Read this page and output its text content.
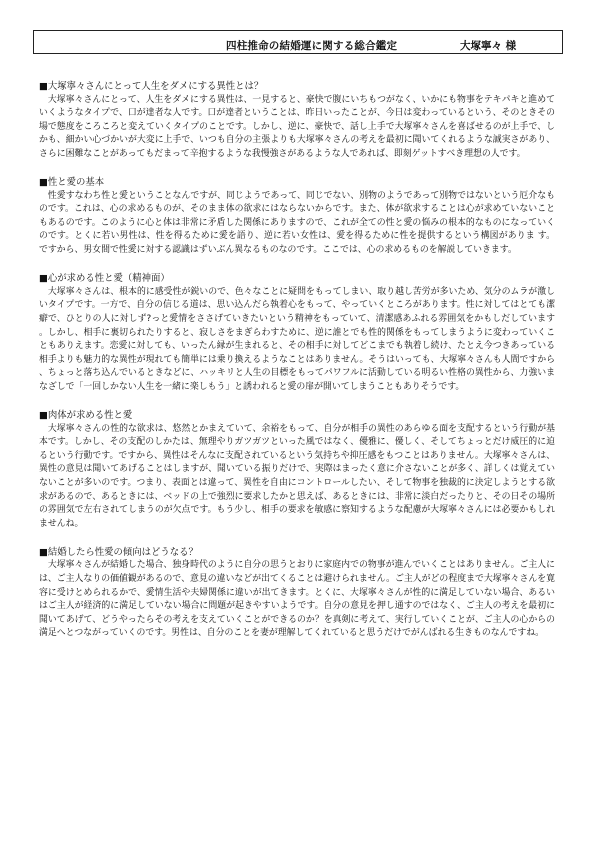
四柱推命の結婚運に関する総合鑑定	大塚寧々 様
■大塚寧々さんにとって人生をダメにする異性とは？
大塚寧々さんにとって、人生をダメにする異性は、一見すると、豪快で腹にいちもつがなく、いかにも物事をテキパキと進めていくようなタイプで、口が達者な人です。口が達者ということは、昨日いったことが、今日は変わっているという、そのときその場で態度をころころと変えていくタイプのことです。しかし、逆に、豪快で、話し上手で大塚寧々さんを喜ばせるのが上手で、しかも、細かい心づかいが大変に上手で、いつも自分の主張よりも大塚寧々さんの考えを最初に聞いてくれるような誠実さがあり、さらに困難なことがあってもだまって辛抱するような我慢強さがあるような人であれば、即刻ゲットすべき理想の人です。
■性と愛の基本
性愛すなわち性と愛ということなんですが、同じようであって、同じでない、別物のようであって別物ではないという厄介なものです。これは、心の求めるものが、そのまま体の欲求にはならないからです。また、体が欲求することは心が求めていないこともあるのです。このように心と体は非常に矛盾した関係にありますので、これが全ての性と愛の悩みの根本的なものになっていくのです。とくに若い男性は、性を得るために愛を語り、逆に若い女性は、愛を得るために性を提供するという構図がありま す。ですから、男女間で性愛に対する認識はずいぶん異なるものなのです。ここでは、心の求めるものを解説していきます。
■心が求める性と愛（精神面）
大塚寧々さんは、根本的に感受性が鋭いので、色々なことに疑問をもってしまい、取り越し苦労が多いため、気分のムラが激しいタイプです。一方で、自分の信じる道は、思い込んだら執着心をもって、やっていくところがあります。性に対してはとても潔癖で、ひとりの人に対しず?っと愛情をささげていきたいという精神をもっていて、清潔感あふれる雰囲気をかもしだしています。しかし、相手に裏切られたりすると、寂しさをまぎらわすために、逆に誰とでも性的関係をもってしまうように変わっていくこともありえます。恋愛に対しても、いったん縁が生まれると、その相手に対してどこまでも執着し続け、たとえ今つきあっている相手よりも魅力的な異性が現れても簡単には乗り換えるようなことはありません。そうはいっても、大塚寧々さんも人間ですから、ちょっと落ち込んでいるときなどに、ハッキリと人生の目標をもってパワフルに活動している明るい性格の異性から、力強いまなざしで「一回しかない人生を一緒に楽しもう」と誘われると愛の扉が開いてしまうこともありそうです。
■肉体が求める性と愛
大塚寧々さんの性的な欲求は、悠然とかまえていて、余裕をもって、自分が相手の異性のあらゆる面を支配するという行動が基本です。しかし、その支配のしかたは、無理やりガツガツといった風ではなく、優雅に、優しく、そしてちょっとだけ威圧的に迫るという行動です。ですから、異性はそんなに支配されているという気持ちや抑圧感をもつことはありません。大塚寧々さんは、異性の意見は聞いてあげることはしますが、聞いている振りだけで、実際はまったく意に介さないことが多く、詳しくは覚えていないことが多いのです。つまり、表面とは違って、異性を自由にコントロールしたい、そして物事を独裁的に決定しようとする欲求があるので、あるときには、ベッドの上で強烈に要求したかと思えば、あるときには、非常に淡白だったりと、その日その場所の雰囲気で左右されてしまうのが欠点です。もう少し、相手の要求を敏感に察知するような配慮が大塚寧々さんには必要かもしれませんね。
■結婚したら性愛の傾向はどうなる？
大塚寧々さんが結婚した場合、独身時代のように自分の思うとおりに家庭内での物事が進んでいくことはありません。ご主人には、ご主人なりの価値観があるので、意見の違いなどが出てくることは避けられません。ご主人がどの程度まで大塚寧々さんを寛容に受けとめられるかで、愛情生活や夫婦関係に違いが出てきます。とくに、大塚寧々さんが性的に満足していない場合、あるいはご主人が経済的に満足していない場合に問題が起きやすいようです。自分の意見を押し通すのではなく、ご主人の考えを最初に聞いてあげて、どうやったらその考えを支えていくことができるのか？を真剣に考えて、実行していくことが、ご主人の心からの満足へとつながっていくのです。男性は、自分のことを妻が理解してくれていると思うだけでがんばれる生きものなんですね。
